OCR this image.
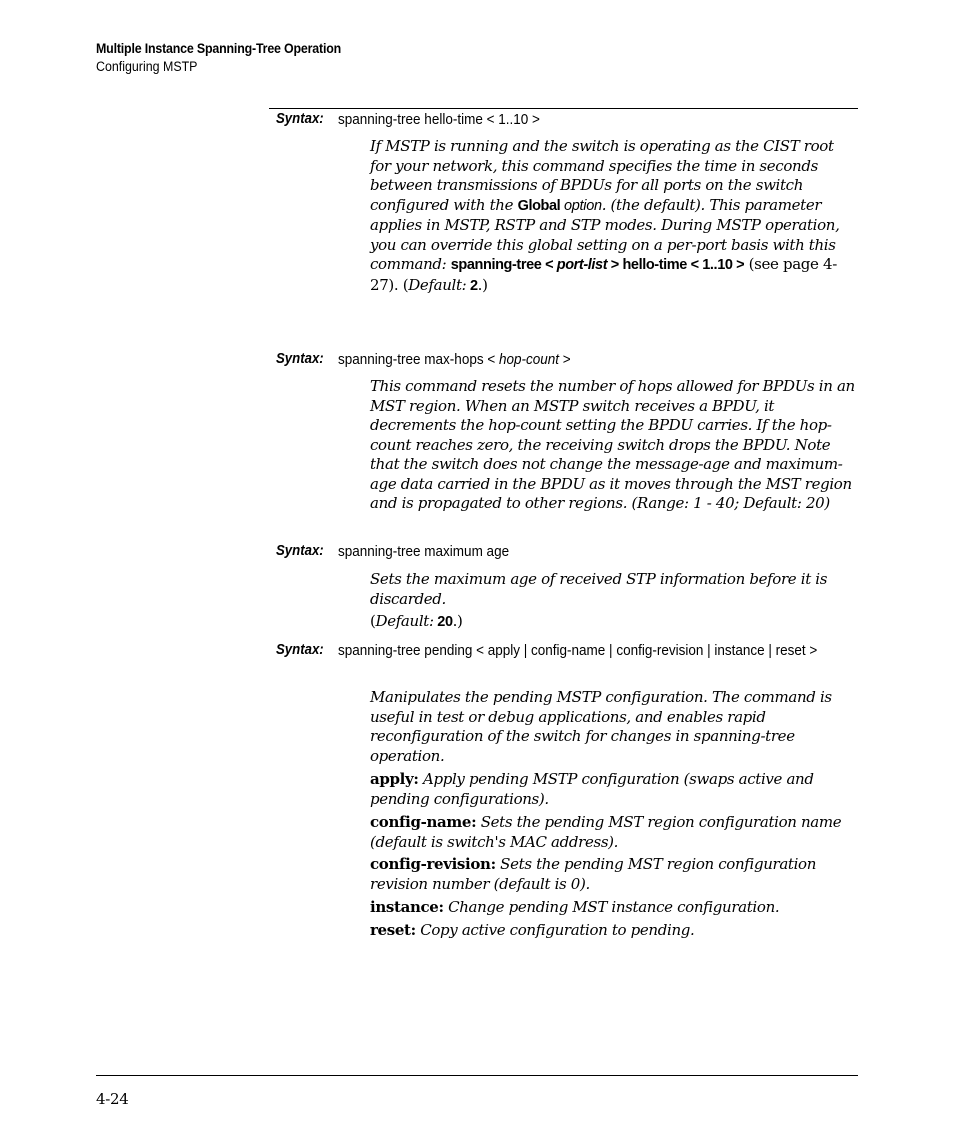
Multiple Instance Spanning-Tree Operation
Configuring MSTP
Syntax: spanning-tree hello-time < 1..10 >
If MSTP is running and the switch is operating as the CIST root for your network, this command specifies the time in seconds between transmissions of BPDUs for all ports on the switch configured with the Global option. (the default). This parameter applies in MSTP, RSTP and STP modes. During MSTP operation, you can override this global setting on a per-port basis with this command: spanning-tree < port-list > hello-time < 1..10 > (see page 4-27). (Default: 2.)
Syntax: spanning-tree max-hops < hop-count >
This command resets the number of hops allowed for BPDUs in an MST region. When an MSTP switch receives a BPDU, it decrements the hop-count setting the BPDU carries. If the hop-count reaches zero, the receiving switch drops the BPDU. Note that the switch does not change the message-age and maximum-age data carried in the BPDU as it moves through the MST region and is propagated to other regions. (Range: 1 - 40; Default: 20)
Syntax: spanning-tree maximum age
Sets the maximum age of received STP information before it is discarded.
(Default: 20.)
Syntax: spanning-tree pending < apply | config-name | config-revision | instance | reset >
Manipulates the pending MSTP configuration. The command is useful in test or debug applications, and enables rapid reconfiguration of the switch for changes in spanning-tree operation.
apply: Apply pending MSTP configuration (swaps active and pending configurations).
config-name: Sets the pending MST region configuration name (default is switch's MAC address).
config-revision: Sets the pending MST region configuration revision number (default is 0).
instance: Change pending MST instance configuration.
reset: Copy active configuration to pending.
4-24
